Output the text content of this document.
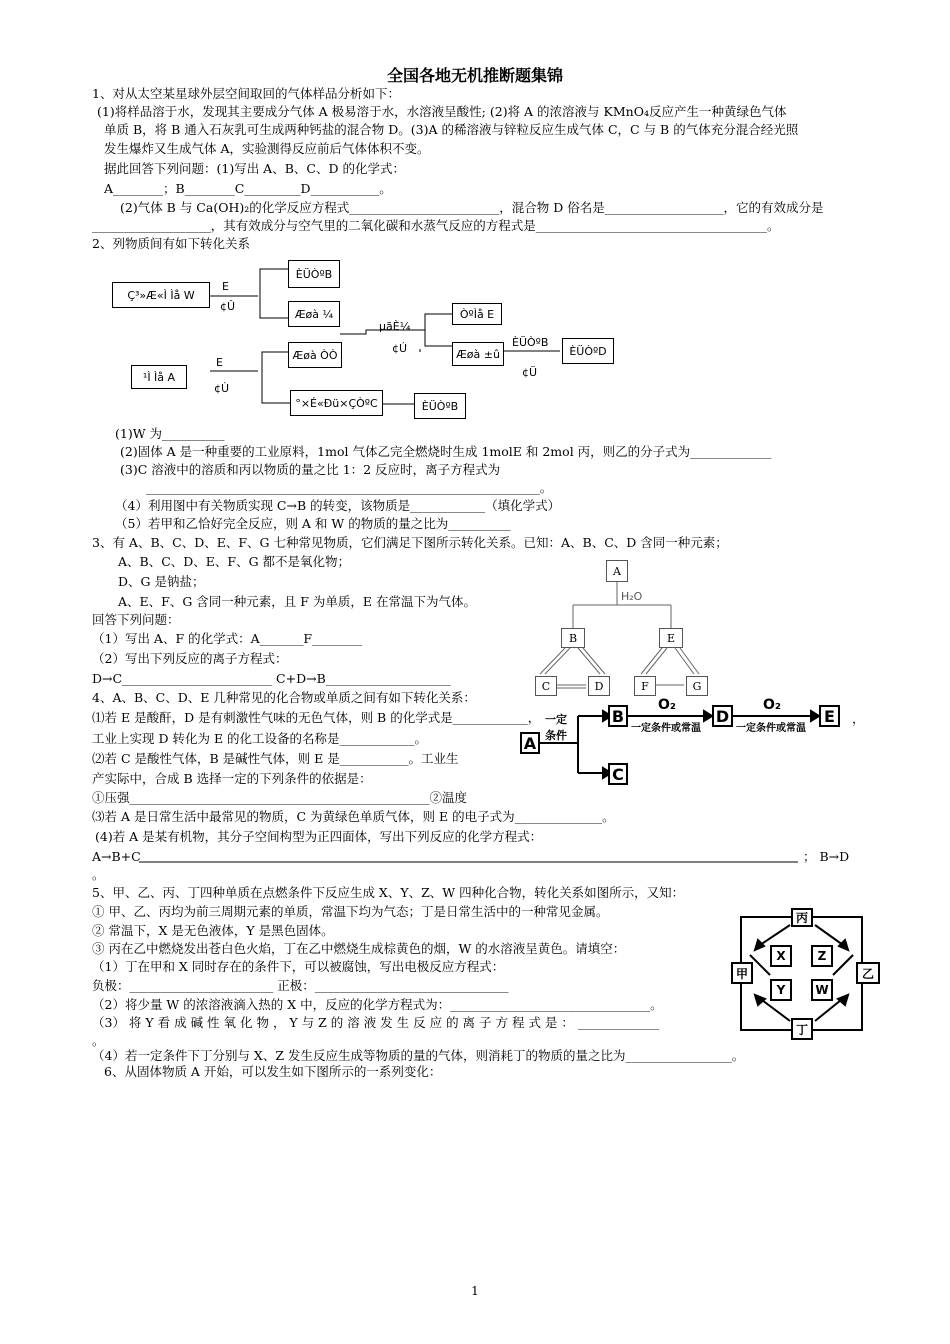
全国各地无机推断题集锦
1、对从太空某星球外层空间取回的气体样品分析如下：
(1)将样品溶于水，发现其主要成分气体 A 极易溶于水，水溶液呈酸性; (2)将 A 的浓溶液与 KMnO₄反应产生一种黄绿色气体
单质 B，将 B 通入石灰乳可生成两种钙盐的混合物 D。(3)A 的稀溶液与锌粒反应生成气体 C，C 与 B 的气体充分混合经光照
发生爆炸又生成气体 A，实验测得反应前后气体体积不变。
据此回答下列问题：(1)写出 A、B、C、D 的化学式：
A________；B________C_________D___________。
(2)气体 B 与 Ca(OH)₂的化学反应方程式________________________，混合物 D 俗名是___________________，它的有效成分是
___________________，其有效成分与空气里的二氧化碳和水蒸气反应的方程式是_____________________________________。
2、列物质间有如下转化关系
Ç³»Æ«Ì Ìå W
E
¢Û
ÈÜÒºB
Æøà ¼
µãÈ¼
¢Ú
ÒºÌå E
Æøà ÒÒ	Æøà ±û
ÈÜÒºB
¢Ü
ÈÜÒºD
¹Ì Ìå A
E
¢Ù
°×É«Ðü×ÇÒºC	ÈÜÒºB
(1)W 为__________
(2)固体 A 是一种重要的工业原料，1mol 气体乙完全燃烧时生成 1molE 和 2mol 丙，则乙的分子式为_____________
(3)C 溶液中的溶质和丙以物质的量之比 1：2 反应时，离子方程式为
_______________________________________________________________。
（4）利用图中有关物质实现 C→B 的转变，该物质是____________（填化学式）
（5）若甲和乙恰好完全反应，则 A 和 W 的物质的量之比为__________
3、有 A、B、C、D、E、F、G 七种常见物质，它们满足下图所示转化关系。已知：A、B、C、D 含同一种元素；
A、B、C、D、E、F、G 都不是氧化物；
D、G 是钠盐；
A、E、F、G 含同一种元素，且 F 为单质，E 在常温下为气体。
回答下列问题：
（1）写出 A、F 的化学式：A_______F________
（2）写出下列反应的离子方程式：
D→C________________________ C+D→B____________________
A
H₂O
B	E
C	D	F	G
4、A、B、C、D、E 几种常见的化合物或单质之间有如下转化关系：
⑴若 E 是酸酐，D 是有刺激性气味的无色气体，则 B 的化学式是____________，
工业上实现 D 转化为 E 的化工设备的名称是____________。
⑵若 C 是酸性气体，B 是碱性气体，则 E 是___________。工业生
产实际中，合成 B 选择一定的下列条件的依据是：
①压强________________________________________________②温度
⑶若 A 是日常生活中最常见的物质，C 为黄绿色单质气体，则 E 的电子式为______________。
(4)若 A 是某有机物，其分子空间构型为正四面体，写出下列反应的化学方程式：
A→B+C	； B→D
。
一定
条件
A
B
C
D	E
O₂	O₂
一定条件或常温	一定条件或常温
，
5、甲、乙、丙、丁四种单质在点燃条件下反应生成 X、Y、Z、W 四种化合物，转化关系如图所示，又知：
① 甲、乙、丙均为前三周期元素的单质，常温下均为气态；丁是日常生活中的一种常见金属。
② 常温下，X 是无色液体，Y 是黑色固体。
③ 丙在乙中燃烧发出苍白色火焰，丁在乙中燃烧生成棕黄色的烟，W 的水溶液呈黄色。请填空：
（1）丁在甲和 X 同时存在的条件下，可以被腐蚀，写出电极反应方程式：
负极：_______________________ 正极：_______________________________
（2）将少量 W 的浓溶液滴入热的 X 中，反应的化学方程式为：________________________________。
（3） 将 Y 看 成 碱 性 氧 化 物 ， Y 与 Z 的 溶 液 发 生 反 应 的 离 子 方 程 式 是 ： _____________
。
（4）若一定条件下丁分别与 X、Z 发生反应生成等物质的量的气体，则消耗丁的物质的量之比为_________________。
丙
甲	乙
丁
X	Z
Y	W
6、从固体物质 A 开始，可以发生如下图所示的一系列变化：
1
